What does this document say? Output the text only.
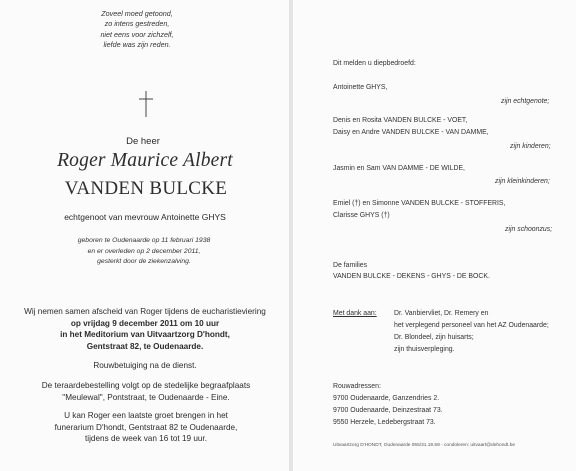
Zoveel moed getoond,
zo intens gestreden,
niet eens voor zichzelf,
liefde was zijn reden.
De heer
Roger Maurice Albert
VANDEN BULCKE
echtgenoot van mevrouw Antoinette GHYS
geboren te Oudenaarde op 11 februari 1938
en er overleden op 2 december 2011,
gesterkt door de ziekenzalving.
Wij nemen samen afscheid van Roger tijdens de eucharistieviering
op vrijdag 9 december 2011 om 10 uur
in het Meditorium van Uitvaartzorg D'hondt,
Gentstraat 82, te Oudenaarde.
Rouwbetuiging na de dienst.
De teraardebestelling volgt op de stedelijke begraafplaats
"Meulewal", Pontstraat, te Oudenaarde - Eine.
U kan Roger een laatste groet brengen in het
funerarium D'hondt, Gentstraat 82 te Oudenaarde,
tijdens de week van 16 tot 19 uur.
Dit melden u diepbedroefd:
Antoinette GHYS,
zijn echtgenote;
Denis en Rosita VANDEN BULCKE - VOET,
Daisy en Andre VANDEN BULCKE - VAN DAMME,
zijn kinderen;
Jasmin en Sam VAN DAMME - DE WILDE,
zijn kleinkinderen;
Emiel (†) en Simonne VANDEN BULCKE - STOFFERIS,
Clarisse GHYS (†)
zijn schoonzus;
De families
VANDEN BULCKE - DEKENS - GHYS - DE BOCK.
Met dank aan:	Dr. Vanbiervliet, Dr. Remery en
het verplegend personeel van het AZ Oudenaarde;
Dr. Blondeel, zijn huisarts;
zijn thuisverpleging.
Rouwadressen:
9700 Oudenaarde, Ganzendries 2.
9700 Oudenaarde, Deinzestraat 73.
9550 Herzele, Ledebergstraat 73.
Uitvaartzorg D'HONDT, Oudenaarde 055/31.19.59 - condoleren: uitvaart@dehondt.be
